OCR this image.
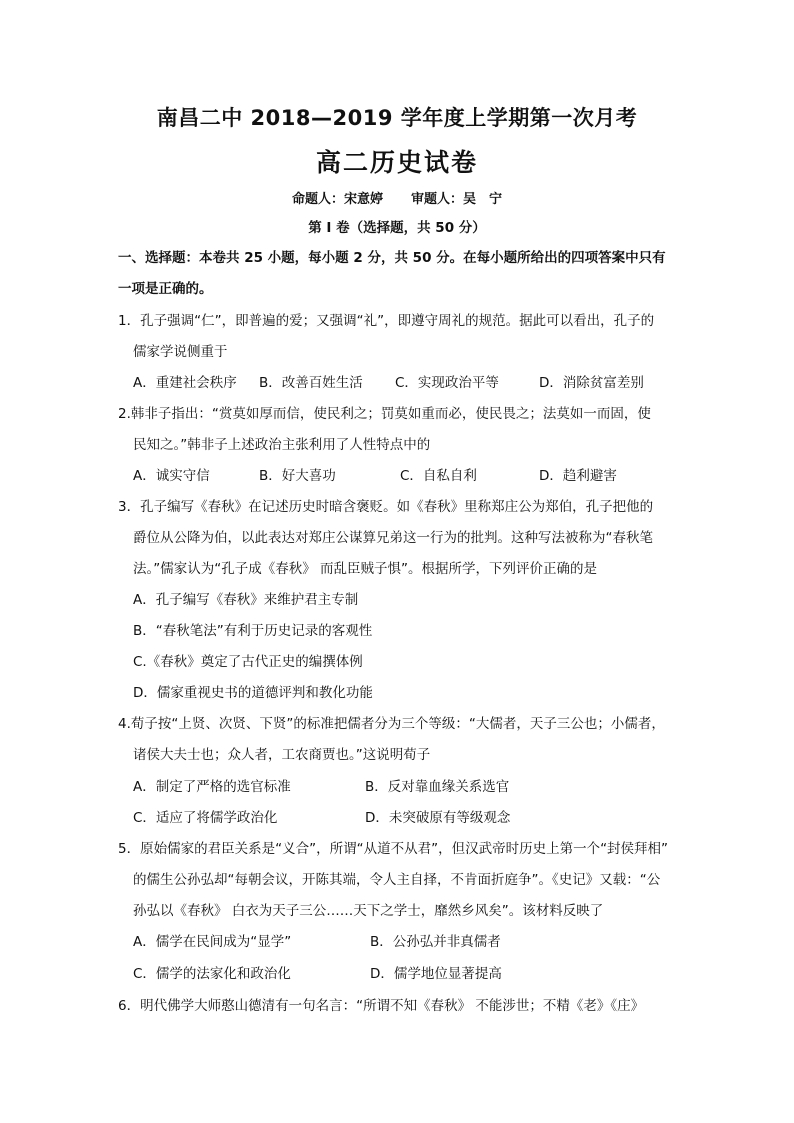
南昌二中 2018—2019 学年度上学期第一次月考
高二历史试卷
命题人：宋意婷 审题人：吴　宁
第 I 卷（选择题，共 50 分）
一、选择题：本卷共 25 小题，每小题 2 分，共 50 分。在每小题所给出的四项答案中只有
一项是正确的。
1．孔子强调“仁”，即普遍的爱；又强调“礼”，即遵守周礼的规范。据此可以看出，孔子的
儒家学说侧重于
A．重建社会秩序 B．改善百姓生活 C．实现政治平等	D．消除贫富差别
2.韩非子指出：“赏莫如厚而信，使民利之；罚莫如重而必，使民畏之；法莫如一而固，使
民知之。”韩非子上述政治主张利用了人性特点中的
A．诚实守信	B．好大喜功	C．自私自利	D．趋利避害
3．孔子编写《春秋》在记述历史时暗含褒贬。如《春秋》里称郑庄公为郑伯，孔子把他的
爵位从公降为伯，以此表达对郑庄公谋算兄弟这一行为的批判。这种写法被称为“春秋笔
法。”儒家认为“孔子成《春秋》 而乱臣贼子惧”。根据所学，下列评价正确的是
A．孔子编写《春秋》来维护君主专制
B．“春秋笔法”有利于历史记录的客观性
C.《春秋》奠定了古代正史的编撰体例
D．儒家重视史书的道德评判和教化功能
4.荀子按“上贤、次贤、下贤”的标准把儒者分为三个等级：“大儒者，天子三公也；小儒者，
诸侯大夫士也；众人者，工农商贾也。”这说明荀子
A．制定了严格的选官标准	B．反对靠血缘关系选官
C．适应了将儒学政治化	D．未突破原有等级观念
5．原始儒家的君臣关系是“义合”，所谓“从道不从君”，但汉武帝时历史上第一个“封侯拜相”
的儒生公孙弘却“每朝会议，开陈其端，令人主自择，不肯面折庭争”。《史记》又载：“公
孙弘以《春秋》 白衣为天子三公……天下之学士，靡然乡风矣”。该材料反映了
A．儒学在民间成为“显学”	B．公孙弘并非真儒者
C．儒学的法家化和政治化	D．儒学地位显著提高
6．明代佛学大师憨山德清有一句名言：“所谓不知《春秋》 不能涉世；不精《老》《庄》
